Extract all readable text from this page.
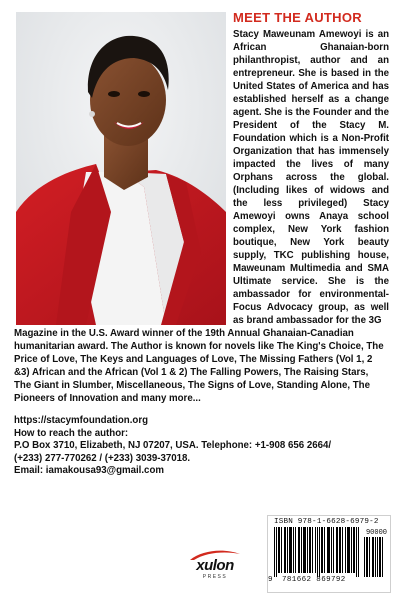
MEET THE AUTHOR
Stacy Maweunam Amewoyi is an African Ghanaian-born philanthropist, author and an entrepreneur. She is based in the United States of America and has established herself as a change agent. She is the Founder and the President of the Stacy M. Foundation which is a Non-Profit Organization that has immensely impacted the lives of many Orphans across the global. (Including likes of widows and the less privileged) Stacy Amewoyi owns Anaya school complex, New York fashion boutique, New York beauty supply, TKC publishing house, Maweunam Multimedia and SMA Ultimate service. She is the ambassador for environmental-Focus Advocacy group, as well as brand ambassador for the 3G
Magazine in the U.S. Award winner of the 19th Annual Ghanaian-Canadian humanitarian award. The Author is known for novels like The King's Choice, The Price of Love, The Keys and Languages of Love, The Missing Fathers (Vol 1, 2 &3) African and the African (Vol 1 & 2) The Falling Powers, The Raising Stars, The Giant in Slumber, Miscellaneous, The Signs of Love, Standing Alone, The Pioneers of Innovation and many more...
https://stacymfoundation.org
How to reach the author:
P.O Box 3710, Elizabeth, NJ 07207, USA. Telephone: +1-908 656 2664/
(+233) 277-770262 / (+233) 3039-37018.
Email: iamakousa93@gmail.com
ISBN 978-1-6628-6979-2
90000
9 781662 869792
xulon
PRESS
